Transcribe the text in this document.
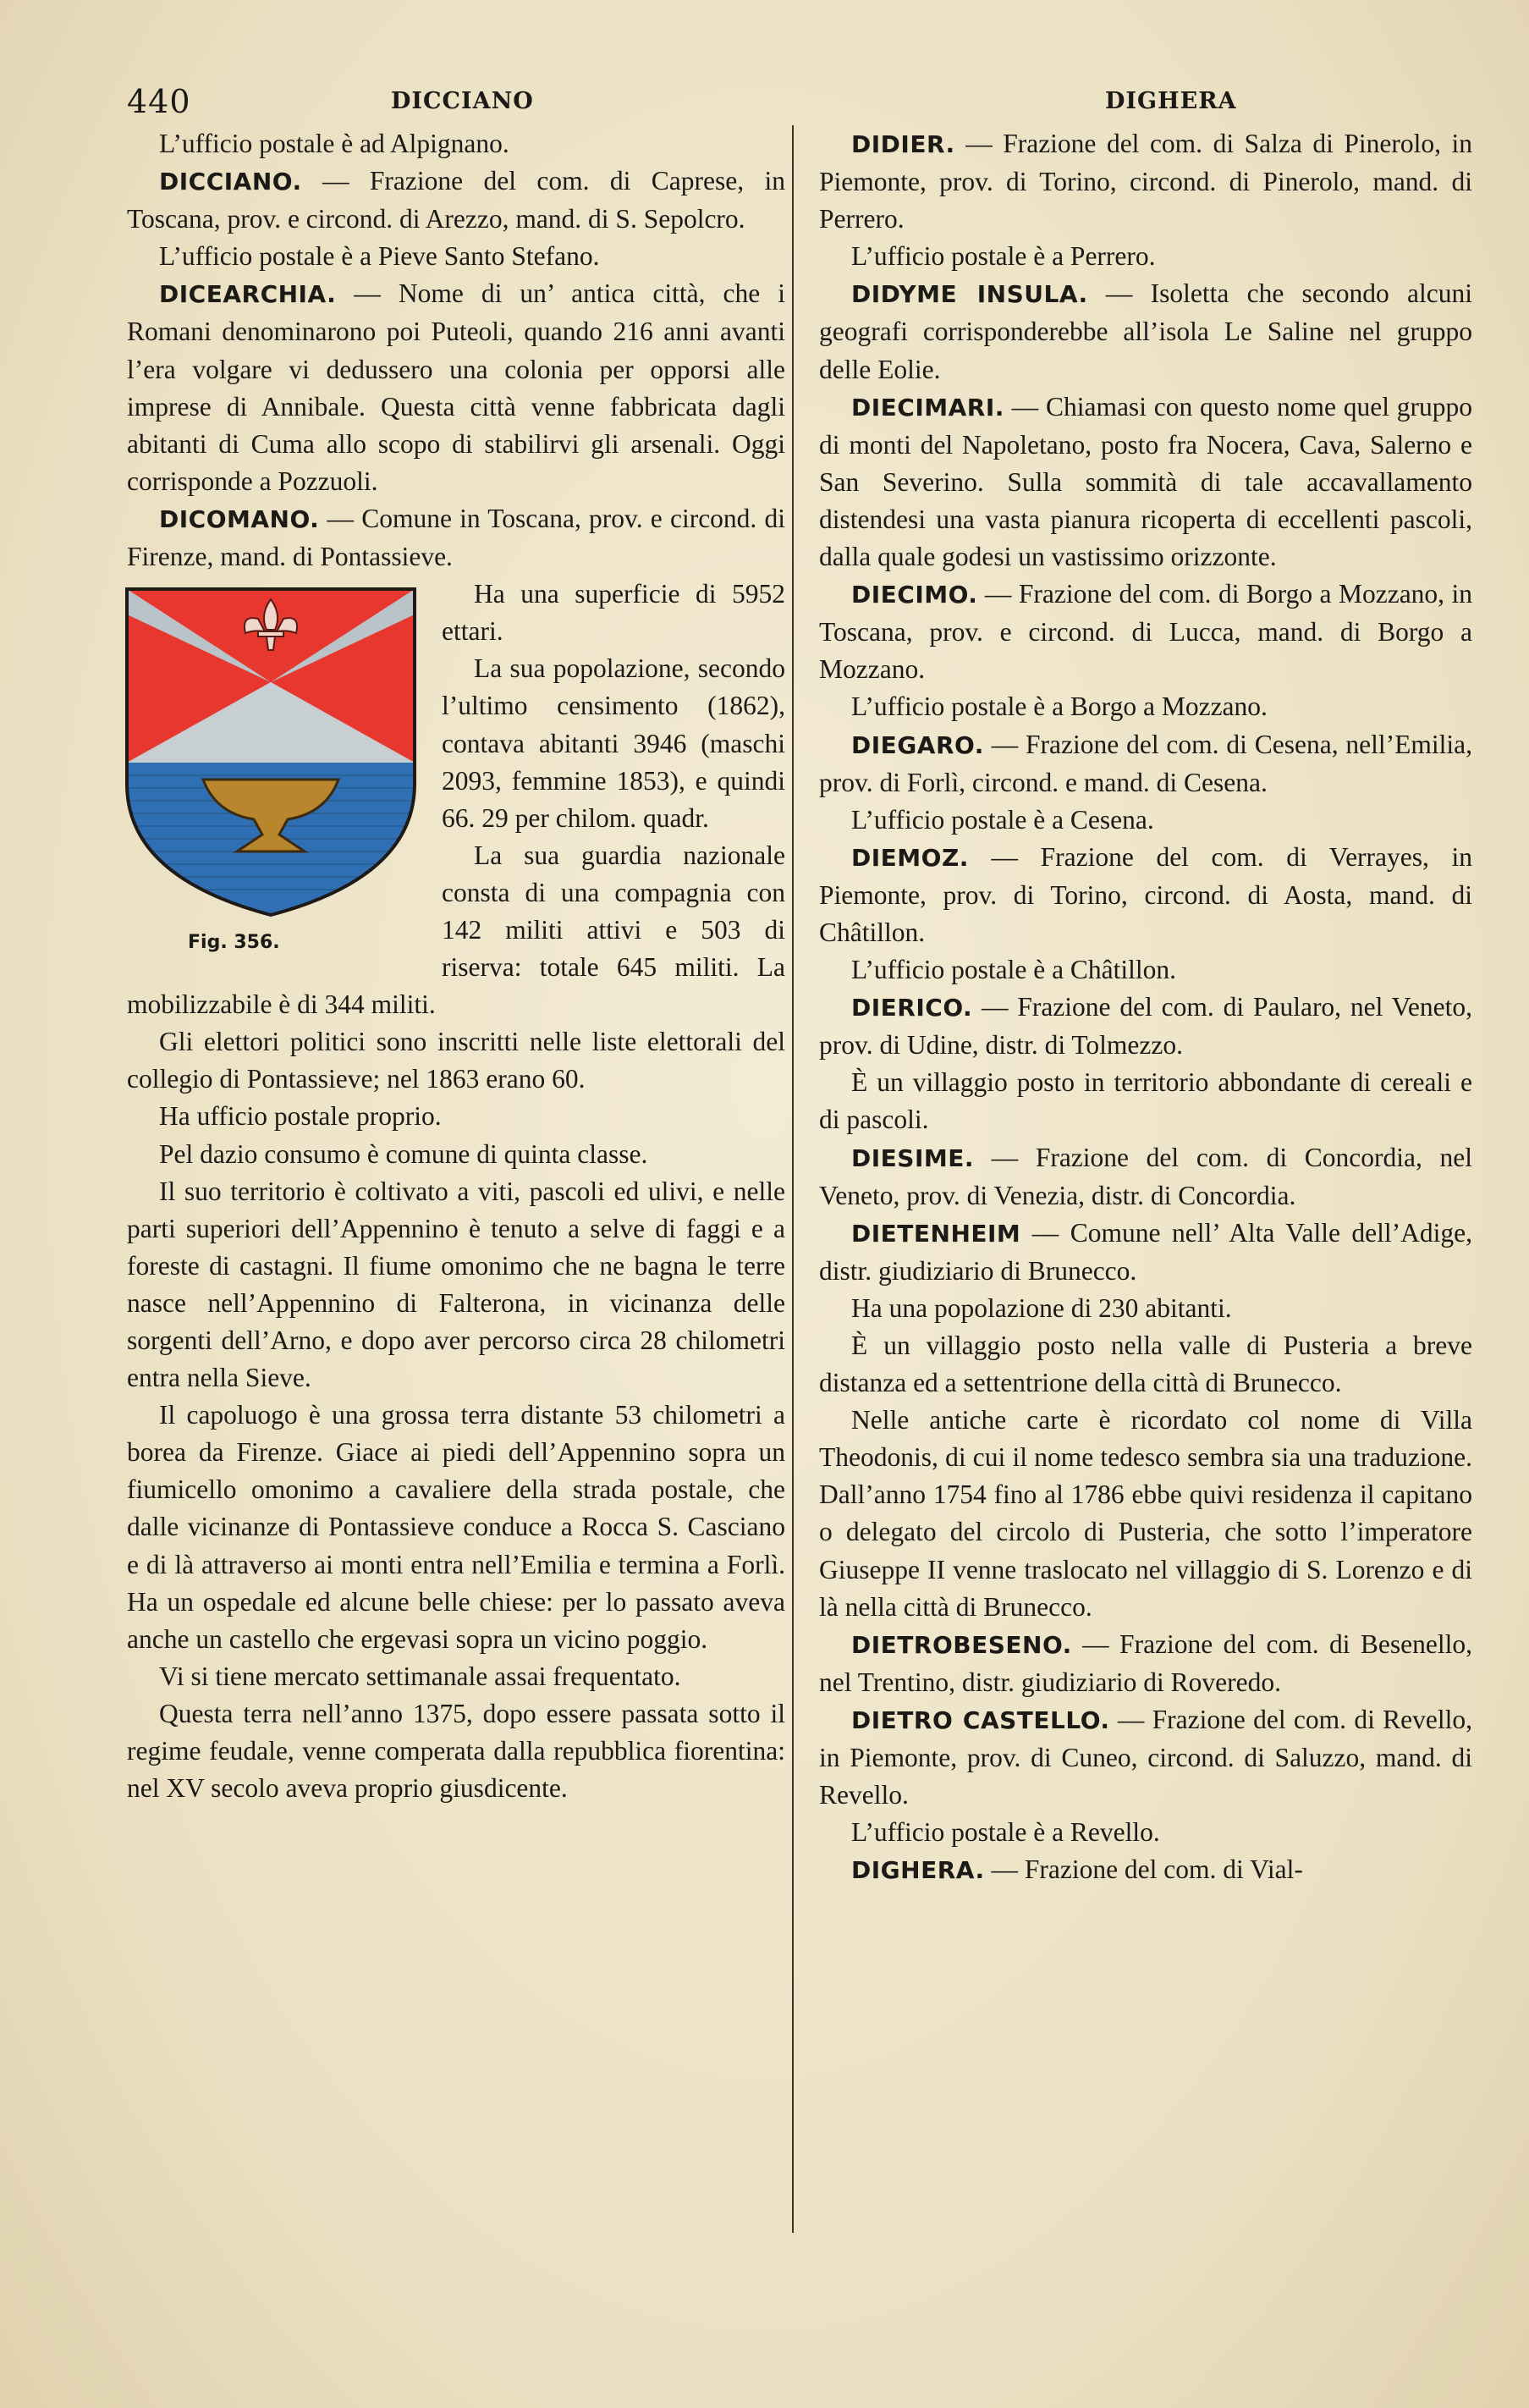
440	DICCIANO	DIGHERA

L’ufficio postale è ad Alpignano.

DICCIANO. — Frazione del com. di Caprese, in Toscana, prov. e circond. di Arezzo, mand. di S. Sepolcro.

L’ufficio postale è a Pieve Santo Stefano.

DICEARCHIA. — Nome di un’ antica città, che i Romani denominarono poi Puteoli, quando 216 anni avanti l’era volgare vi dedussero una colonia per opporsi alle imprese di Annibale. Questa città venne fabbricata dagli abitanti di Cuma allo scopo di stabilirvi gli arsenali. Oggi corrisponde a Pozzuoli.

DICOMANO. — Comune in Toscana, prov. e circond. di Firenze, mand. di Pontassieve.

Fig. 356.

Ha una superficie di 5952 ettari.

La sua popolazione, secondo l’ultimo censimento (1862), contava abitanti 3946 (maschi 2093, femmine 1853), e quindi 66. 29 per chilom. quadr.

La sua guardia nazionale consta di una compagnia con 142 militi attivi e 503 di riserva: totale 645 militi. La mobilizzabile è di 344 militi.

Gli elettori politici sono inscritti nelle liste elettorali del collegio di Pontassieve; nel 1863 erano 60.

Ha ufficio postale proprio.

Pel dazio consumo è comune di quinta classe.

Il suo territorio è coltivato a viti, pascoli ed ulivi, e nelle parti superiori dell’Appennino è tenuto a selve di faggi e a foreste di castagni. Il fiume omonimo che ne bagna le terre nasce nell’Appennino di Falterona, in vicinanza delle sorgenti dell’Arno, e dopo aver percorso circa 28 chilometri entra nella Sieve.

Il capoluogo è una grossa terra distante 53 chilometri a borea da Firenze. Giace ai piedi dell’Appennino sopra un fiumicello omonimo a cavaliere della strada postale, che dalle vicinanze di Pontassieve conduce a Rocca S. Casciano e di là attraverso ai monti entra nell’Emilia e termina a Forlì. Ha un ospedale ed alcune belle chiese: per lo passato aveva anche un castello che ergevasi sopra un vicino poggio.

Vi si tiene mercato settimanale assai frequentato.

Questa terra nell’anno 1375, dopo essere passata sotto il regime feudale, venne comperata dalla repubblica fiorentina: nel XV secolo aveva proprio giusdicente.

DIDIER. — Frazione del com. di Salza di Pinerolo, in Piemonte, prov. di Torino, circond. di Pinerolo, mand. di Perrero.

L’ufficio postale è a Perrero.

DIDYME INSULA. — Isoletta che secondo alcuni geografi corrisponderebbe all’isola Le Saline nel gruppo delle Eolie.

DIECIMARI. — Chiamasi con questo nome quel gruppo di monti del Napoletano, posto fra Nocera, Cava, Salerno e San Severino. Sulla sommità di tale accavallamento distendesi una vasta pianura ricoperta di eccellenti pascoli, dalla quale godesi un vastissimo orizzonte.

DIECIMO. — Frazione del com. di Borgo a Mozzano, in Toscana, prov. e circond. di Lucca, mand. di Borgo a Mozzano.

L’ufficio postale è a Borgo a Mozzano.

DIEGARO. — Frazione del com. di Cesena, nell’Emilia, prov. di Forlì, circond. e mand. di Cesena.

L’ufficio postale è a Cesena.

DIEMOZ. — Frazione del com. di Verrayes, in Piemonte, prov. di Torino, circond. di Aosta, mand. di Châtillon.

L’ufficio postale è a Châtillon.

DIERICO. — Frazione del com. di Paularo, nel Veneto, prov. di Udine, distr. di Tolmezzo.

È un villaggio posto in territorio abbondante di cereali e di pascoli.

DIESIME. — Frazione del com. di Concordia, nel Veneto, prov. di Venezia, distr. di Concordia.

DIETENHEIM — Comune nell’ Alta Valle dell’Adige, distr. giudiziario di Brunecco.

Ha una popolazione di 230 abitanti.

È un villaggio posto nella valle di Pusteria a breve distanza ed a settentrione della città di Brunecco.

Nelle antiche carte è ricordato col nome di Villa Theodonis, di cui il nome tedesco sembra sia una traduzione. Dall’anno 1754 fino al 1786 ebbe quivi residenza il capitano o delegato del circolo di Pusteria, che sotto l’imperatore Giuseppe II venne traslocato nel villaggio di S. Lorenzo e di là nella città di Brunecco.

DIETROBESENO. — Frazione del com. di Besenello, nel Trentino, distr. giudiziario di Roveredo.

DIETRO CASTELLO. — Frazione del com. di Revello, in Piemonte, prov. di Cuneo, circond. di Saluzzo, mand. di Revello.

L’ufficio postale è a Revello.

DIGHERA. — Frazione del com. di Vial-
